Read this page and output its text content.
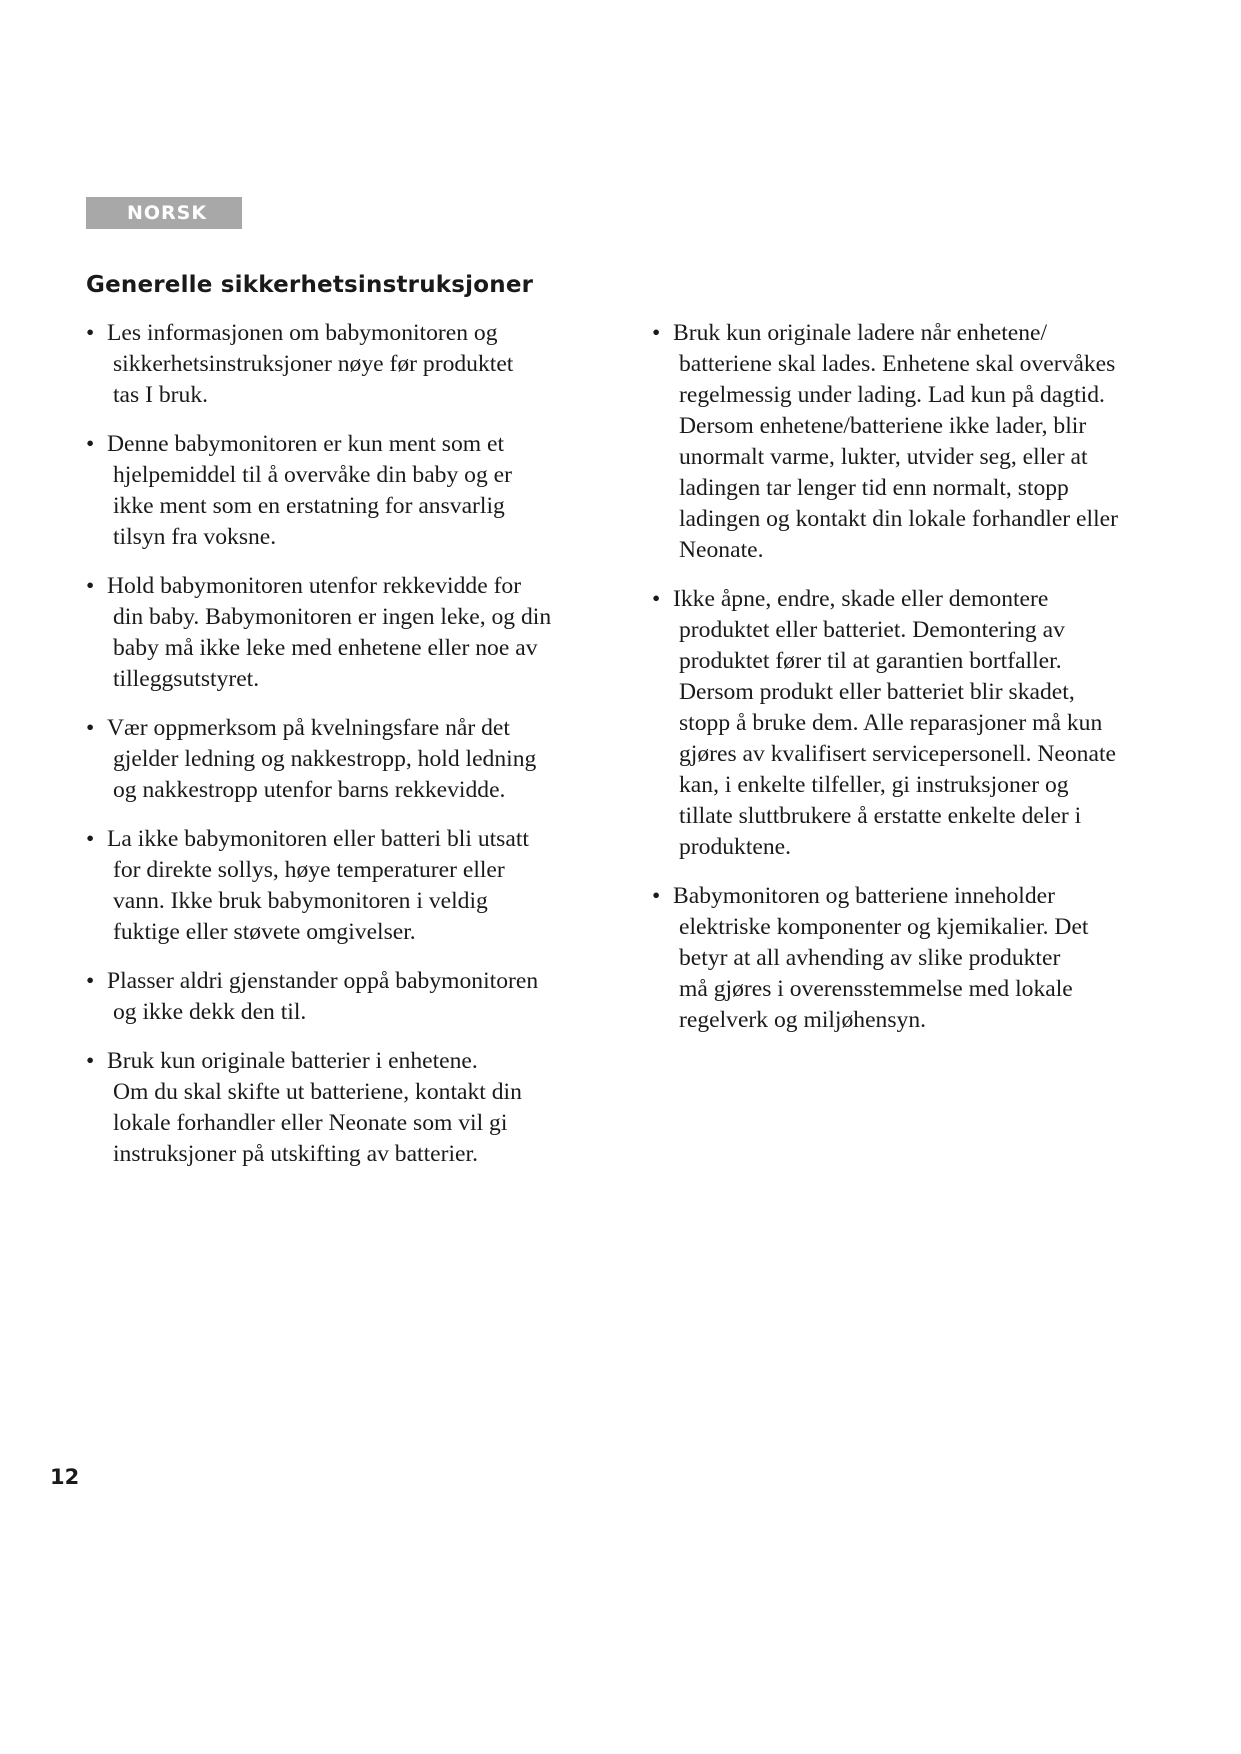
NORSK
Generelle sikkerhetsinstruksjoner
• Les informasjonen om babymonitoren og
sikkerhetsinstruksjoner nøye før produktet
tas I bruk.
• Denne babymonitoren er kun ment som et
hjelpemiddel til å overvåke din baby og er
ikke ment som en erstatning for ansvarlig
tilsyn fra voksne.
• Hold babymonitoren utenfor rekkevidde for
din baby. Babymonitoren er ingen leke, og din
baby må ikke leke med enhetene eller noe av
tilleggsutstyret.
• Vær oppmerksom på kvelningsfare når det
gjelder ledning og nakkestropp, hold ledning
og nakkestropp utenfor barns rekkevidde.
• La ikke babymonitoren eller batteri bli utsatt
for direkte sollys, høye temperaturer eller
vann. Ikke bruk babymonitoren i veldig
fuktige eller støvete omgivelser.
• Plasser aldri gjenstander oppå babymonitoren
og ikke dekk den til.
• Bruk kun originale batterier i enhetene.
Om du skal skifte ut batteriene, kontakt din
lokale forhandler eller Neonate som vil gi
instruksjoner på utskifting av batterier.
• Bruk kun originale ladere når enhetene/
batteriene skal lades. Enhetene skal overvåkes
regelmessig under lading. Lad kun på dagtid.
Dersom enhetene/batteriene ikke lader, blir
unormalt varme, lukter, utvider seg, eller at
ladingen tar lenger tid enn normalt, stopp
ladingen og kontakt din lokale forhandler eller
Neonate.
• Ikke åpne, endre, skade eller demontere
produktet eller batteriet. Demontering av
produktet fører til at garantien bortfaller.
Dersom produkt eller batteriet blir skadet,
stopp å bruke dem. Alle reparasjoner må kun
gjøres av kvalifisert servicepersonell. Neonate
kan, i enkelte tilfeller, gi instruksjoner og
tillate sluttbrukere å erstatte enkelte deler i
produktene.
• Babymonitoren og batteriene inneholder
elektriske komponenter og kjemikalier. Det
betyr at all avhending av slike produkter
må gjøres i overensstemmelse med lokale
regelverk og miljøhensyn.
12
